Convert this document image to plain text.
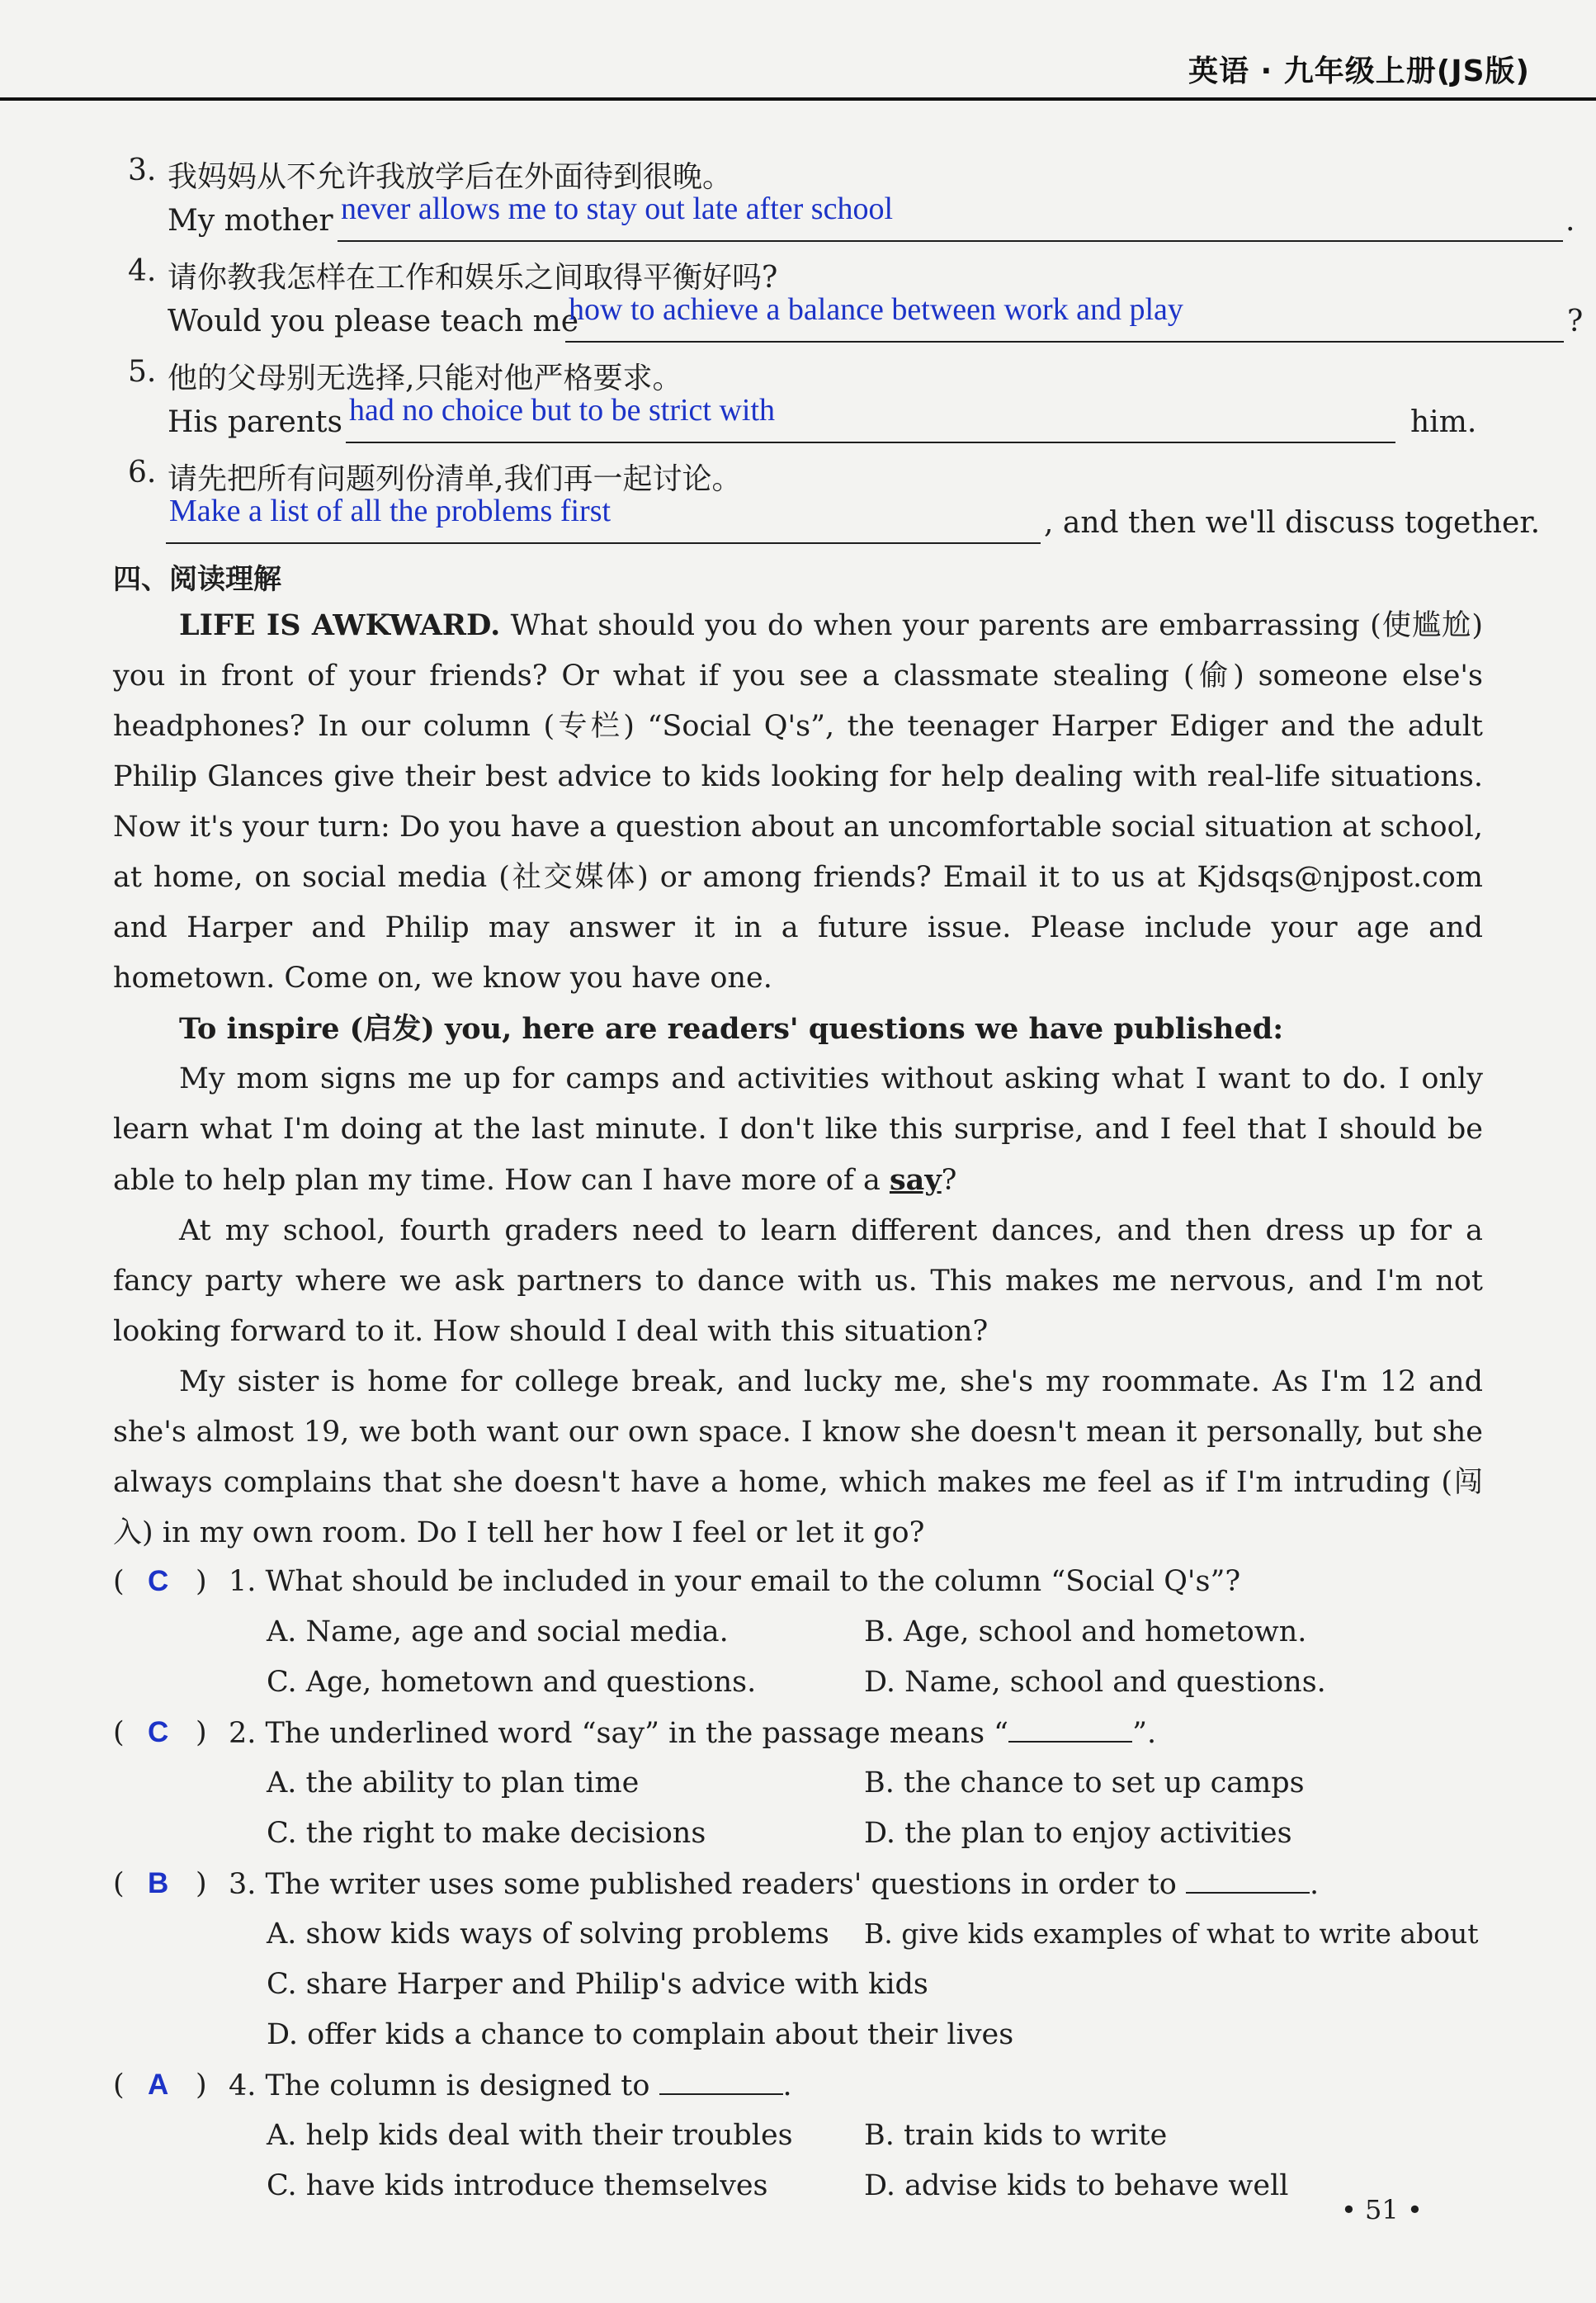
英语 · 九年级上册(JS版)
3. 我妈妈从不允许我放学后在外面待到很晚。
My mother never allows me to stay out late after school	.
4. 请你教我怎样在工作和娱乐之间取得平衡好吗?
Would you please teach me
how to achieve a balance between work and play	?
5. 他的父母别无选择,只能对他严格要求。
His parents had no choice but to be strict with	him.
6. 请先把所有问题列份清单,我们再一起讨论。
Make a list of all the problems first	, and then we'll discuss together.
四、阅读理解

LIFE IS AWKWARD. What should you do when your parents are embarrassing (使尴尬) you in front of your friends? Or what if you see a classmate stealing (偷) someone else's headphones? In our column (专栏) “Social Q's”, the teenager Harper Ediger and the adult Philip Glances give their best advice to kids looking for help dealing with real-life situations. Now it's your turn: Do you have a question about an uncomfortable social situation at school, at home, on social media (社交媒体) or among friends? Email it to us at Kjdsqs@njpost.com and Harper and Philip may answer it in a future issue. Please include your age and hometown. Come on, we know you have one.

To inspire (启发) you, here are readers' questions we have published:

My mom signs me up for camps and activities without asking what I want to do. I only learn what I'm doing at the last minute. I don't like this surprise, and I feel that I should be able to help plan my time. How can I have more of a say?

At my school, fourth graders need to learn different dances, and then dress up for a fancy party where we ask partners to dance with us. This makes me nervous, and I'm not looking forward to it. How should I deal with this situation?

My sister is home for college break, and lucky me, she's my roommate. As I'm 12 and she's almost 19, we both want our own space. I know she doesn't mean it personally, but she always complains that she doesn't have a home, which makes me feel as if I'm intruding (闯入) in my own room. Do I tell her how I feel or let it go?

( C ) 1. What should be included in your email to the column “Social Q's”?
A. Name, age and social media.	B. Age, school and hometown.
C. Age, hometown and questions.	D. Name, school and questions.
( C ) 2. The underlined word “say” in the passage means “	”.
A. the ability to plan time	B. the chance to set up camps
C. the right to make decisions	D. the plan to enjoy activities
( B ) 3. The writer uses some published readers' questions in order to	.
A. show kids ways of solving problems B. give kids examples of what to write about
C. share Harper and Philip's advice with kids
D. offer kids a chance to complain about their lives
( A ) 4. The column is designed to	.
A. help kids deal with their troubles B. train kids to write
C. have kids introduce themselves	D. advise kids to behave well
• 51 •
